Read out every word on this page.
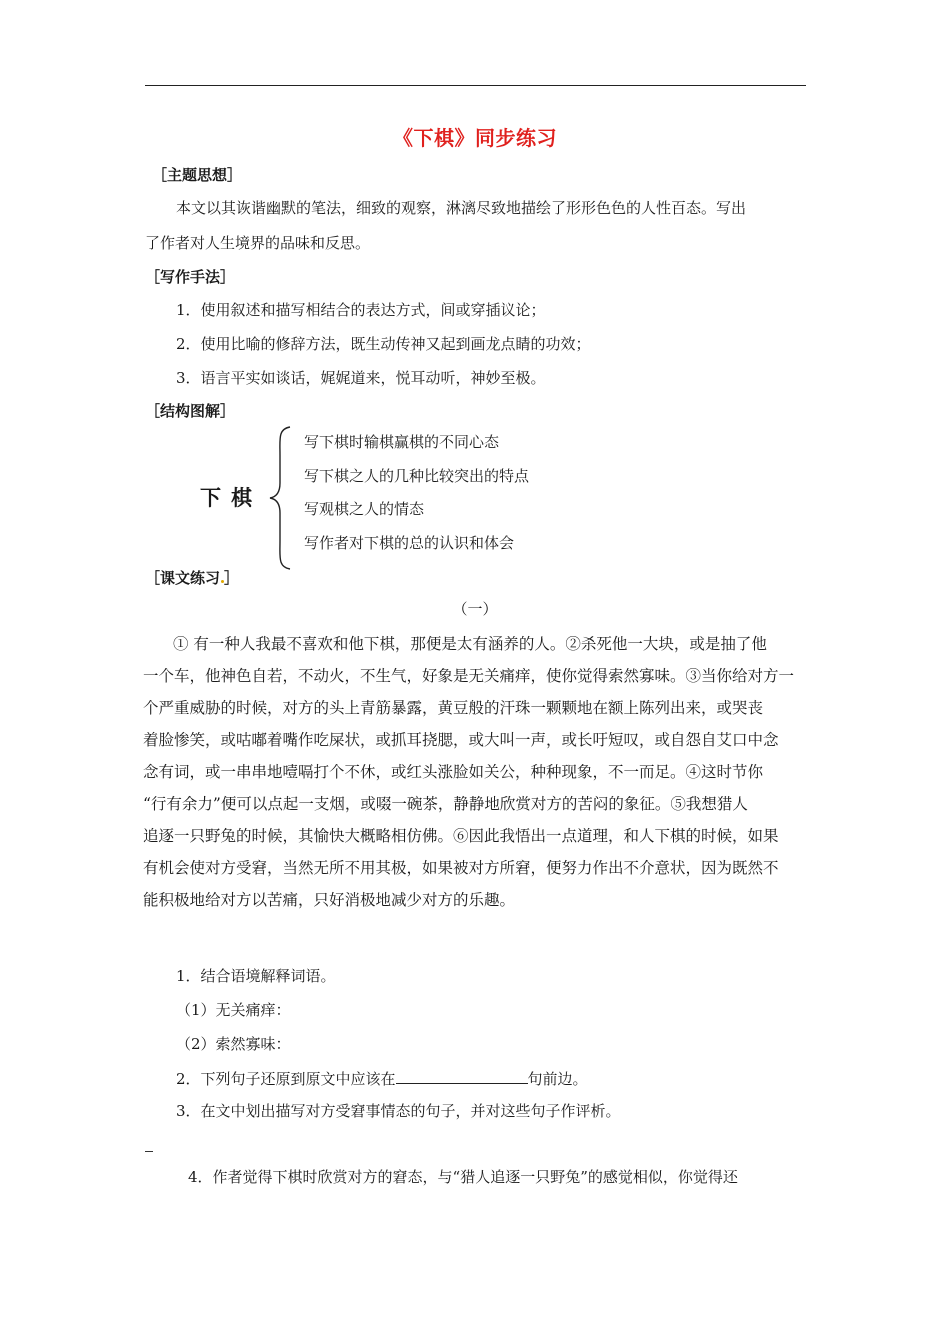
《下棋》同步练习
［主题思想］
本文以其诙谐幽默的笔法，细致的观察，淋漓尽致地描绘了形形色色的人性百态。写出
了作者对人生境界的品味和反思。
［写作手法］
1．使用叙述和描写相结合的表达方式，间或穿插议论；
2．使用比喻的修辞方法，既生动传神又起到画龙点睛的功效；
3．语言平实如谈话，娓娓道来，悦耳动听，神妙至极。
［结构图解］
下棋
写下棋时输棋赢棋的不同心态
写下棋之人的几种比较突出的特点
写观棋之人的情态
写作者对下棋的总的认识和体会
［课文练习 ］
（一）
① 有一种人我最不喜欢和他下棋，那便是太有涵养的人。②杀死他一大块，或是抽了他
一个车，他神色自若，不动火，不生气，好象是无关痛痒，使你觉得索然寡味。③当你给对方一
个严重威胁的时候，对方的头上青筋暴露，黄豆般的汗珠一颗颗地在额上陈列出来，或哭丧
着脸惨笑，或咕嘟着嘴作吃屎状，或抓耳挠腮，或大叫一声，或长吁短叹，或自怨自艾口中念
念有词，或一串串地噎嗝打个不休，或红头涨脸如关公，种种现象，不一而足。④这时节你
“行有余力”便可以点起一支烟，或啜一碗茶，静静地欣赏对方的苦闷的象征。⑤我想猎人
追逐一只野兔的时候，其愉快大概略相仿佛。⑥因此我悟出一点道理，和人下棋的时候，如果
有机会使对方受窘，当然无所不用其极，如果被对方所窘，便努力作出不介意状，因为既然不
能积极地给对方以苦痛，只好消极地减少对方的乐趣。
1．结合语境解释词语。
（1）无关痛痒：
（2）索然寡味：
2．下列句子还原到原文中应该在	句前边。
3．在文中划出描写对方受窘事情态的句子，并对这些句子作评析。
4．作者觉得下棋时欣赏对方的窘态，与“猎人追逐一只野兔”的感觉相似，你觉得还
